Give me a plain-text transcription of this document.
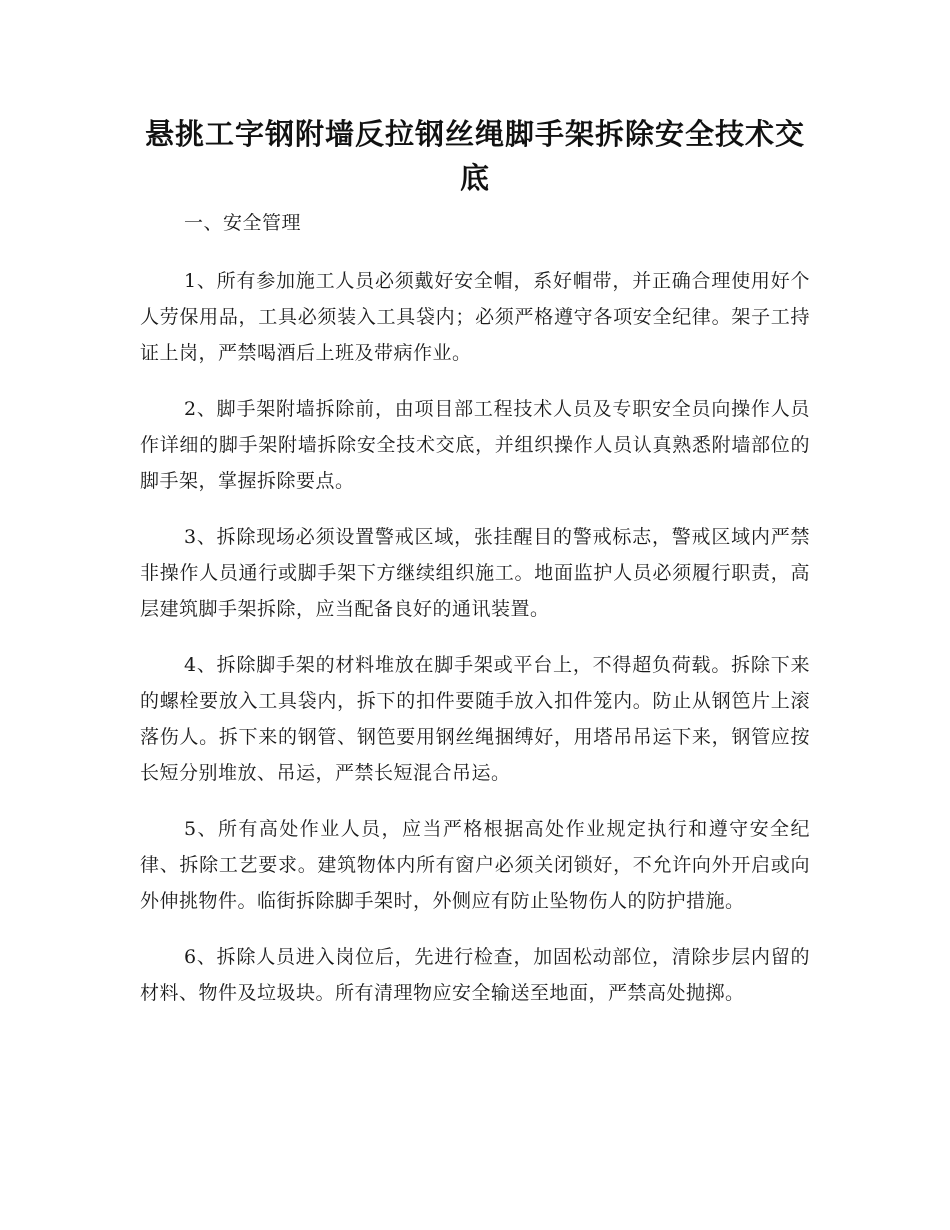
悬挑工字钢附墙反拉钢丝绳脚手架拆除安全技术交底

一、安全管理

1、所有参加施工人员必须戴好安全帽，系好帽带，并正确合理使用好个人劳保用品，工具必须装入工具袋内；必须严格遵守各项安全纪律。架子工持证上岗，严禁喝酒后上班及带病作业。

2、脚手架附墙拆除前，由项目部工程技术人员及专职安全员向操作人员作详细的脚手架附墙拆除安全技术交底，并组织操作人员认真熟悉附墙部位的脚手架，掌握拆除要点。

3、拆除现场必须设置警戒区域，张挂醒目的警戒标志，警戒区域内严禁非操作人员通行或脚手架下方继续组织施工。地面监护人员必须履行职责，高层建筑脚手架拆除，应当配备良好的通讯装置。

4、拆除脚手架的材料堆放在脚手架或平台上，不得超负荷载。拆除下来的螺栓要放入工具袋内，拆下的扣件要随手放入扣件笼内。防止从钢笆片上滚落伤人。拆下来的钢管、钢笆要用钢丝绳捆缚好，用塔吊吊运下来，钢管应按长短分别堆放、吊运，严禁长短混合吊运。

5、所有高处作业人员，应当严格根据高处作业规定执行和遵守安全纪律、拆除工艺要求。建筑物体内所有窗户必须关闭锁好，不允许向外开启或向外伸挑物件。临街拆除脚手架时，外侧应有防止坠物伤人的防护措施。

6、拆除人员进入岗位后，先进行检查，加固松动部位，清除步层内留的材料、物件及垃圾块。所有清理物应安全输送至地面，严禁高处抛掷。
